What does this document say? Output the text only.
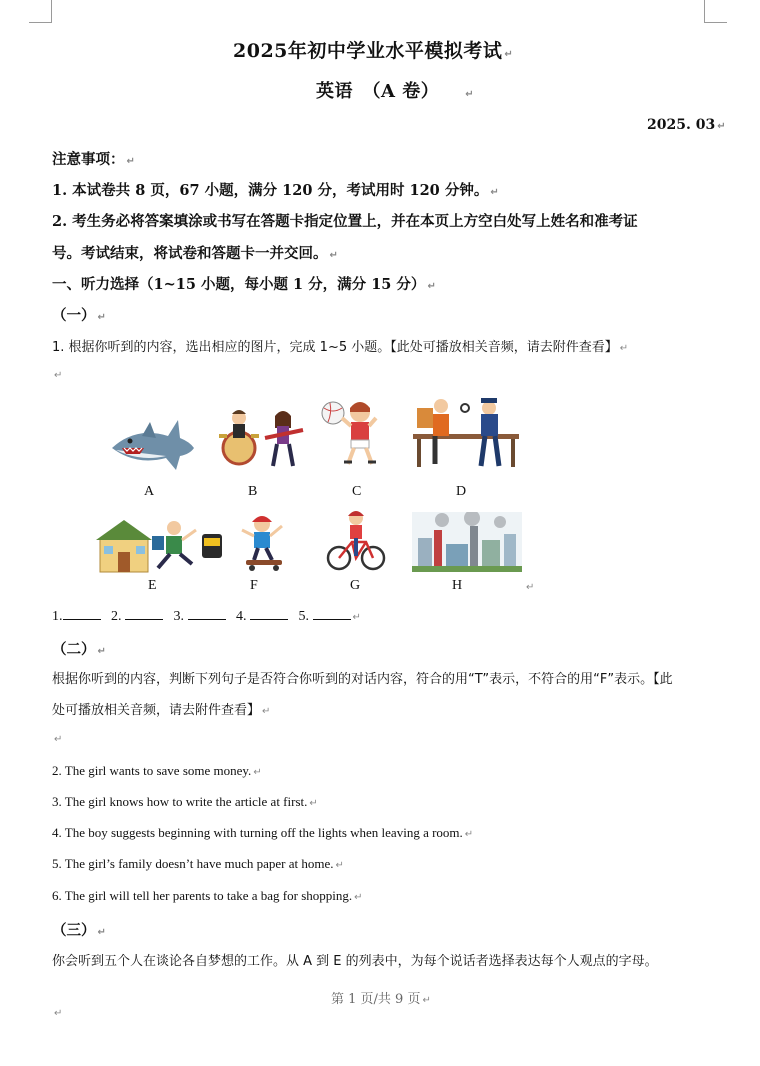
2025年初中学业水平模拟考试 ↵
英语　（A 卷）	↵
2025. 03 ↵
注意事项： ↵
1. 本试卷共 8 页，67 小题，满分 120 分，考试用时 120 分钟。 ↵
2. 考生务必将答案填涂或书写在答题卡指定位置上，并在本页上方空白处写上姓名和准考证
号。考试结束，将试卷和答题卡一并交回。 ↵
一、听力选择（1~15 小题，每小题 1 分，满分 15 分） ↵
（一） ↵
1. 根据你听到的内容，选出相应的图片，完成 1~5 小题。【此处可播放相关音频，请去附件查看】 ↵
↵
A	B	C	D
E	F	G	H	↵
1.	2.	3.	4.	5.	↵
（二） ↵
根据你听到的内容，判断下列句子是否符合你听到的对话内容，符合的用“T”表示，不符合的用“F”表示。【此
处可播放相关音频，请去附件查看】 ↵
↵
2. The girl wants to save some money. ↵
3. The girl knows how to write the article at first. ↵
4. The boy suggests beginning with turning off the lights when leaving a room. ↵
5. The girl’s family doesn’t have much paper at home. ↵
6. The girl will tell her parents to take a bag for shopping. ↵
（三） ↵
你会听到五个人在谈论各自梦想的工作。从 A 到 E 的列表中，为每个说话者选择表达每个人观点的字母。
第 1 页/共 9 页 ↵
↵
